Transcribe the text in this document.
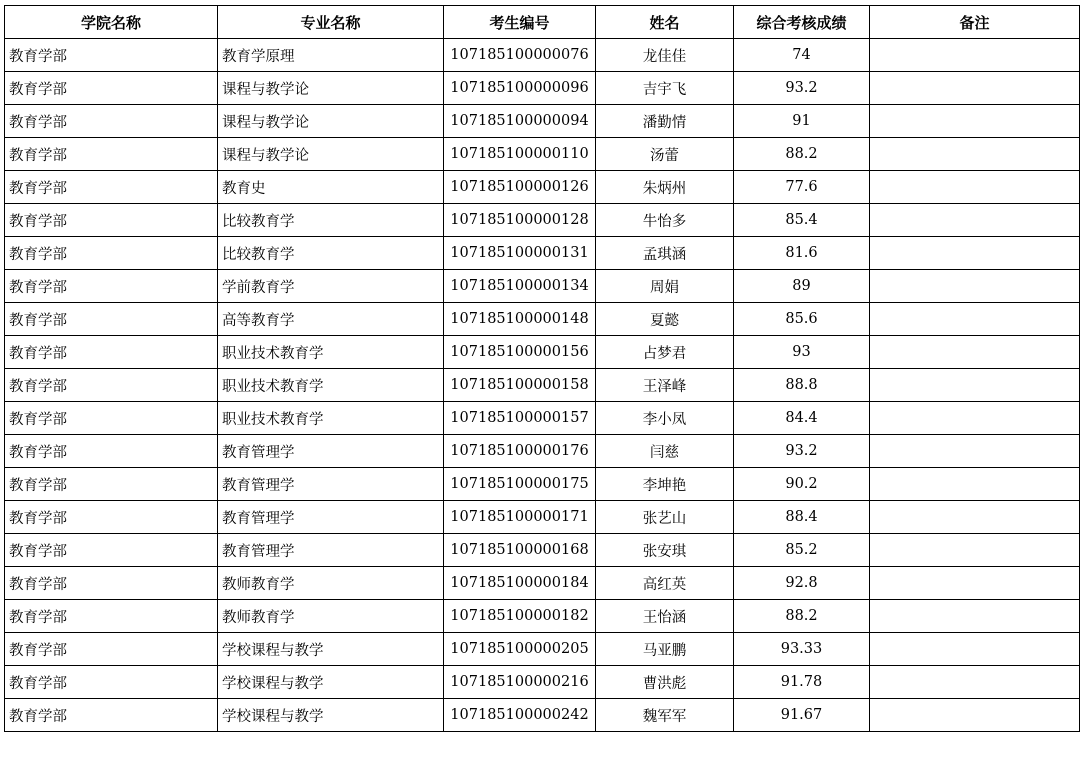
学院名称	专业名称	考生编号	姓名	综合考核成绩	备注
教育学部	教育学原理	107185100000076	龙佳佳	74	
教育学部	课程与教学论	107185100000096	吉宇飞	93.2	
教育学部	课程与教学论	107185100000094	潘勤情	91	
教育学部	课程与教学论	107185100000110	汤蕾	88.2	
教育学部	教育史	107185100000126	朱炳州	77.6	
教育学部	比较教育学	107185100000128	牛怡多	85.4	
教育学部	比较教育学	107185100000131	孟琪涵	81.6	
教育学部	学前教育学	107185100000134	周娟	89	
教育学部	高等教育学	107185100000148	夏懿	85.6	
教育学部	职业技术教育学	107185100000156	占梦君	93	
教育学部	职业技术教育学	107185100000158	王泽峰	88.8	
教育学部	职业技术教育学	107185100000157	李小凤	84.4	
教育学部	教育管理学	107185100000176	闫慈	93.2	
教育学部	教育管理学	107185100000175	李坤艳	90.2	
教育学部	教育管理学	107185100000171	张艺山	88.4	
教育学部	教育管理学	107185100000168	张安琪	85.2	
教育学部	教师教育学	107185100000184	高红英	92.8	
教育学部	教师教育学	107185100000182	王怡涵	88.2	
教育学部	学校课程与教学	107185100000205	马亚鹏	93.33	
教育学部	学校课程与教学	107185100000216	曹洪彪	91.78	
教育学部	学校课程与教学	107185100000242	魏军军	91.67	
